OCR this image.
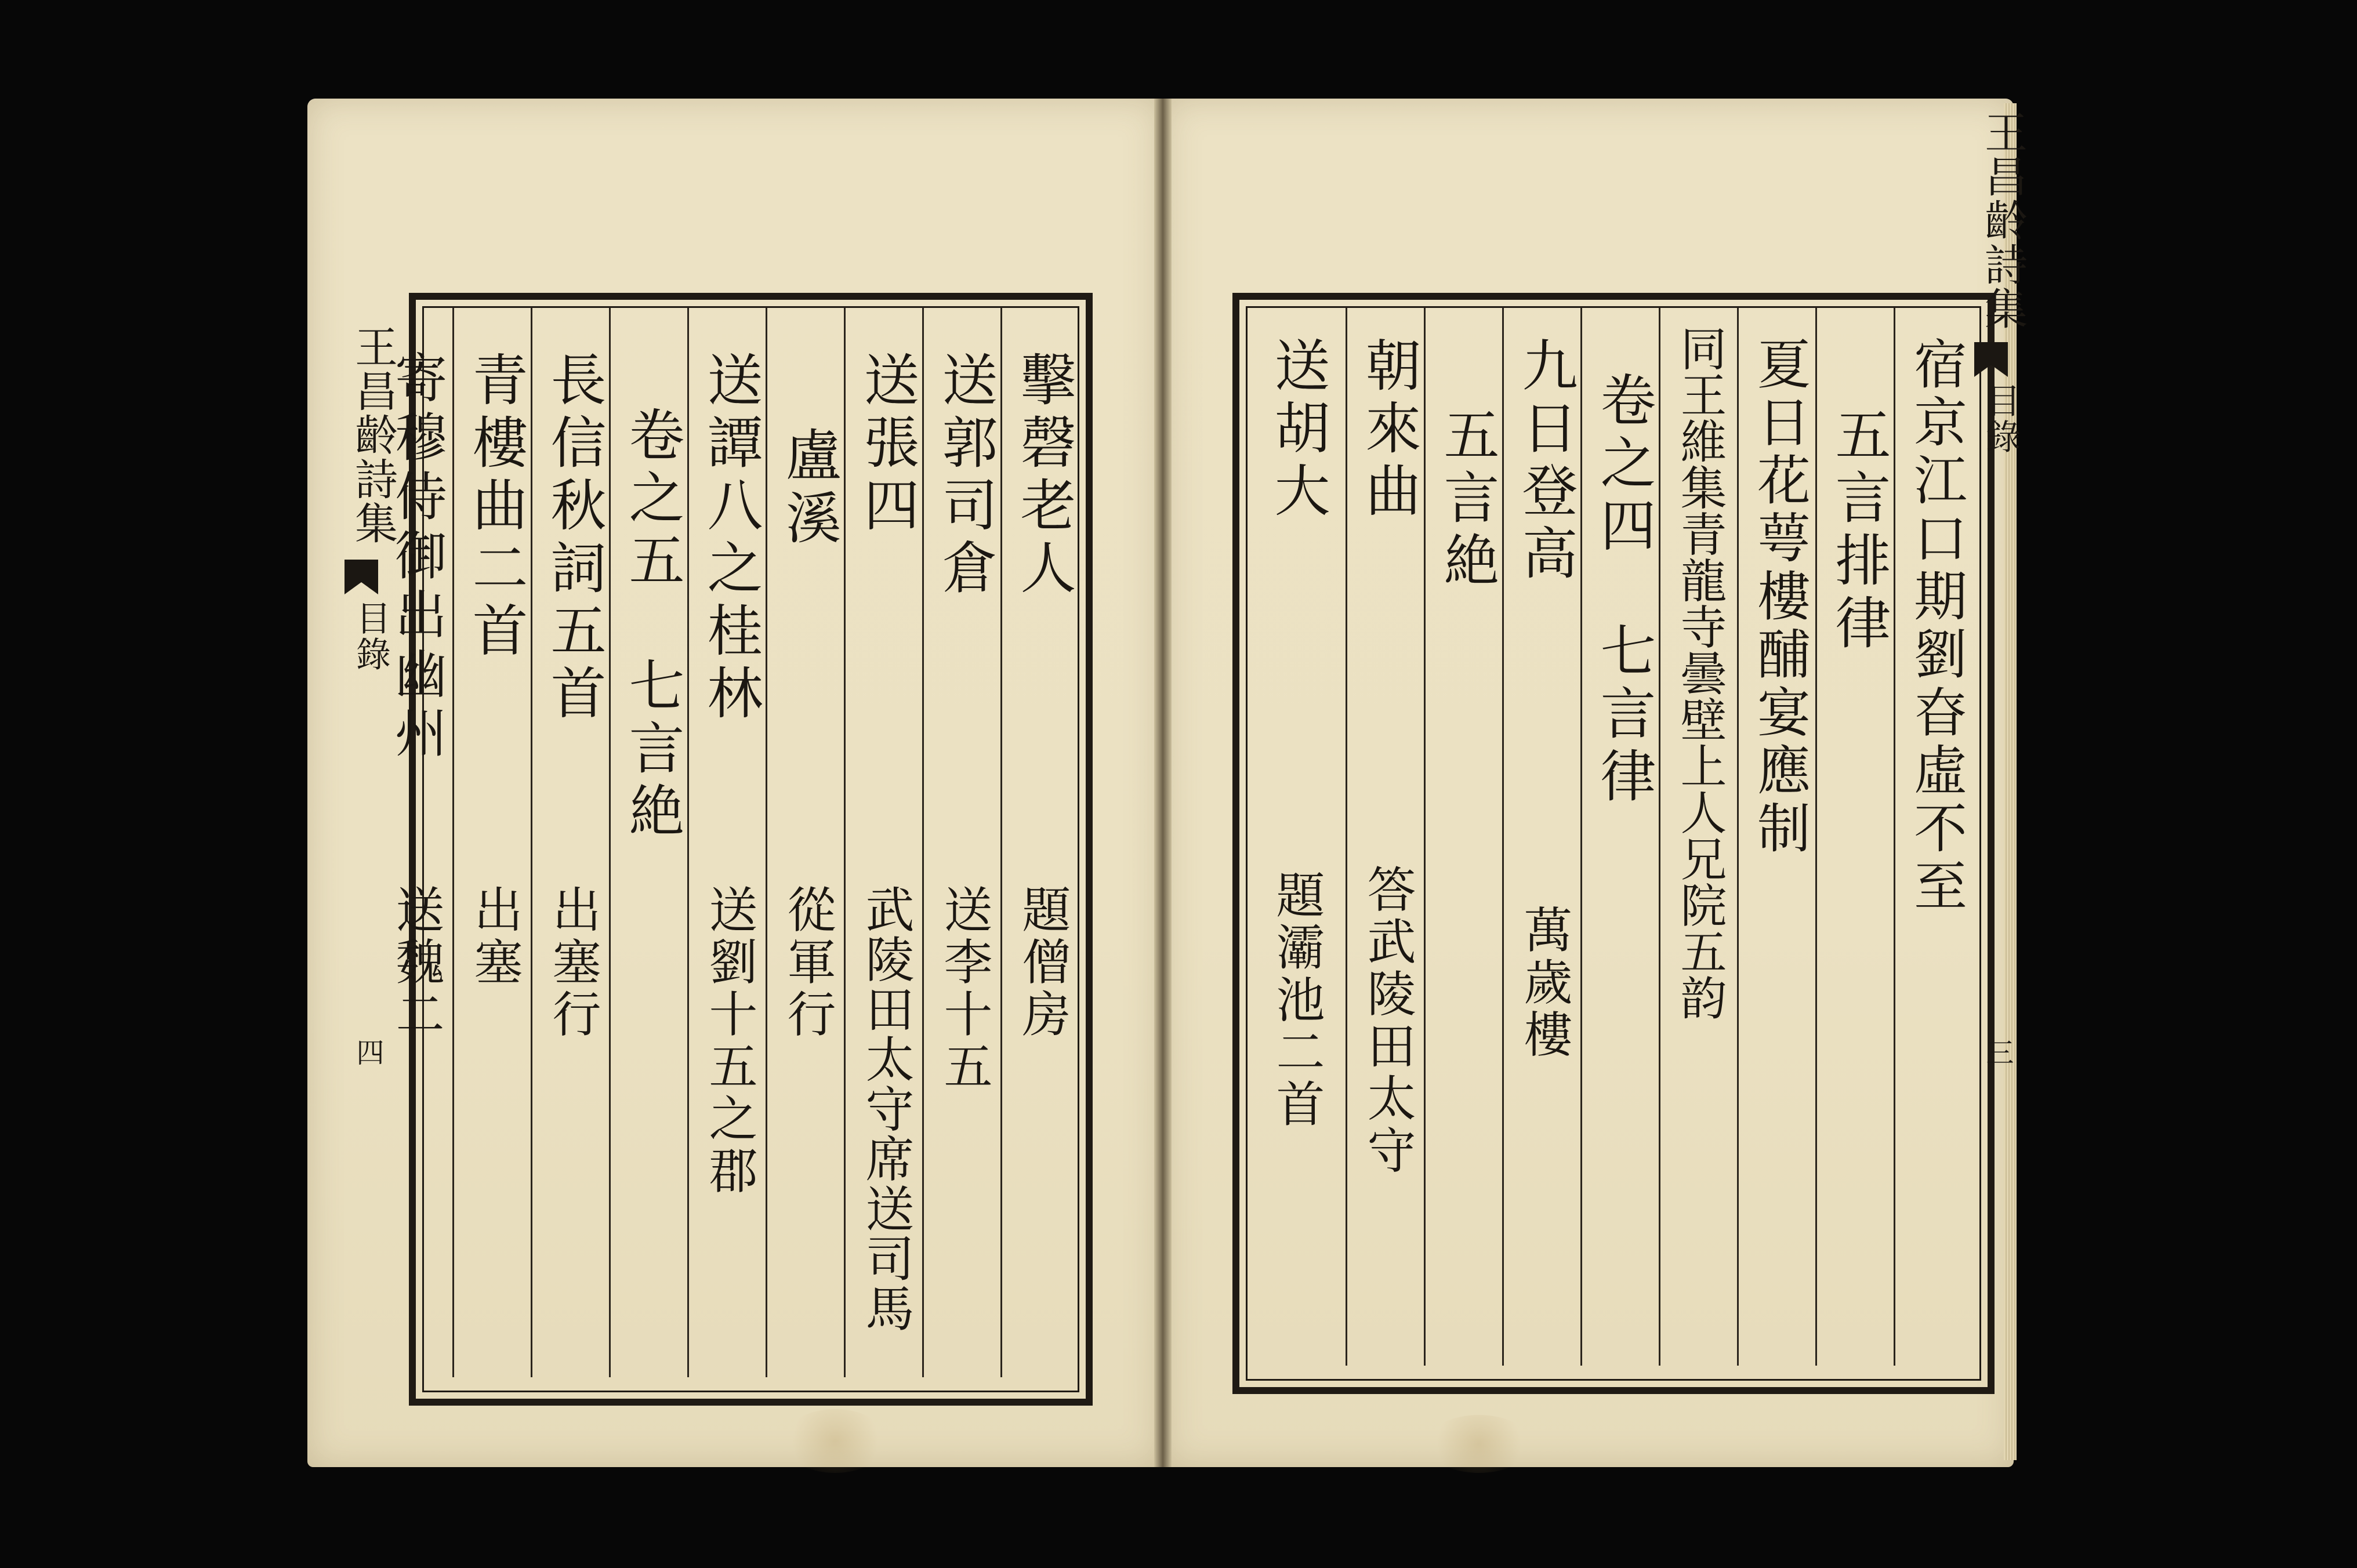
擊磬老人
題僧房
送郭司倉
送李十五
送張四
武陵田太守席送司馬
盧溪
從軍行
送譚八之桂林
送劉十五之郡
卷之五　七言絶
長信秋詞五首
出塞行
青樓曲二首
出塞
寄穆侍御出幽州
送魏二
王昌齡詩集
目錄
四
宿京江口期劉昚虛不至
五言排律
夏日花萼樓酺宴應制
同王維集青龍寺曇壁上人兄院五韵
卷之四　七言律
九日登高
萬歲樓
五言絶
朝來曲
答武陵田太守
送胡大
題灞池二首
王昌齡詩集
目錄
三
